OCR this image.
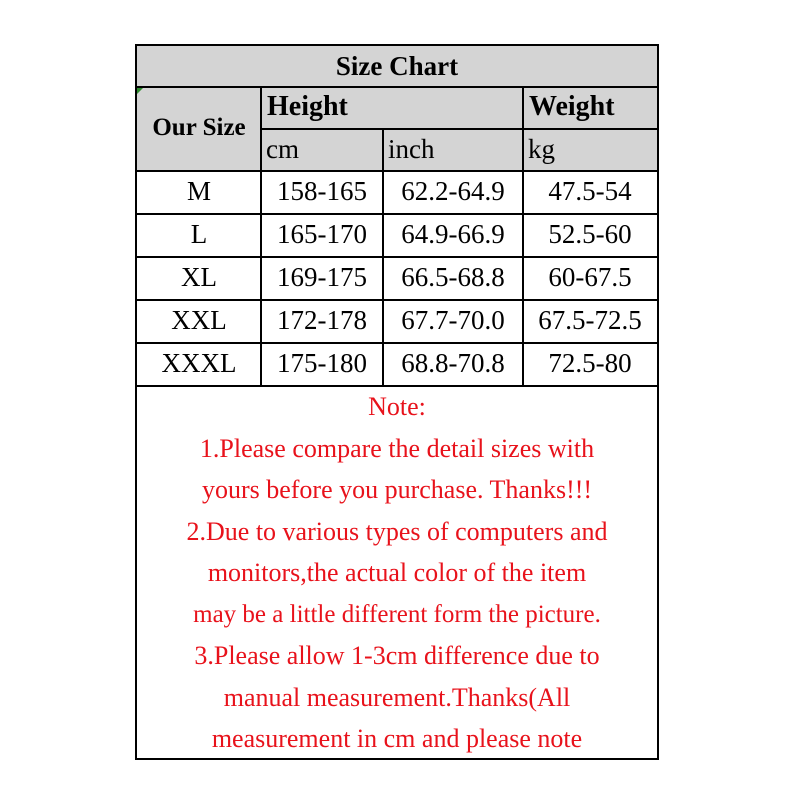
Size Chart
Our Size
Height	Weight
cm	inch	kg
M	158-165	62.2-64.9	47.5-54
L	165-170	64.9-66.9	52.5-60
XL	169-175	66.5-68.8	60-67.5
XXL	172-178	67.7-70.0	67.5-72.5
XXXL	175-180	68.8-70.8	72.5-80
Note:
1.Please compare the detail sizes with
yours before you purchase. Thanks!!!
2.Due to various types of computers and
monitors,the actual color of the item
may be a little different form the picture.
3.Please allow 1-3cm difference due to
manual measurement.Thanks(All
measurement in cm and please note
